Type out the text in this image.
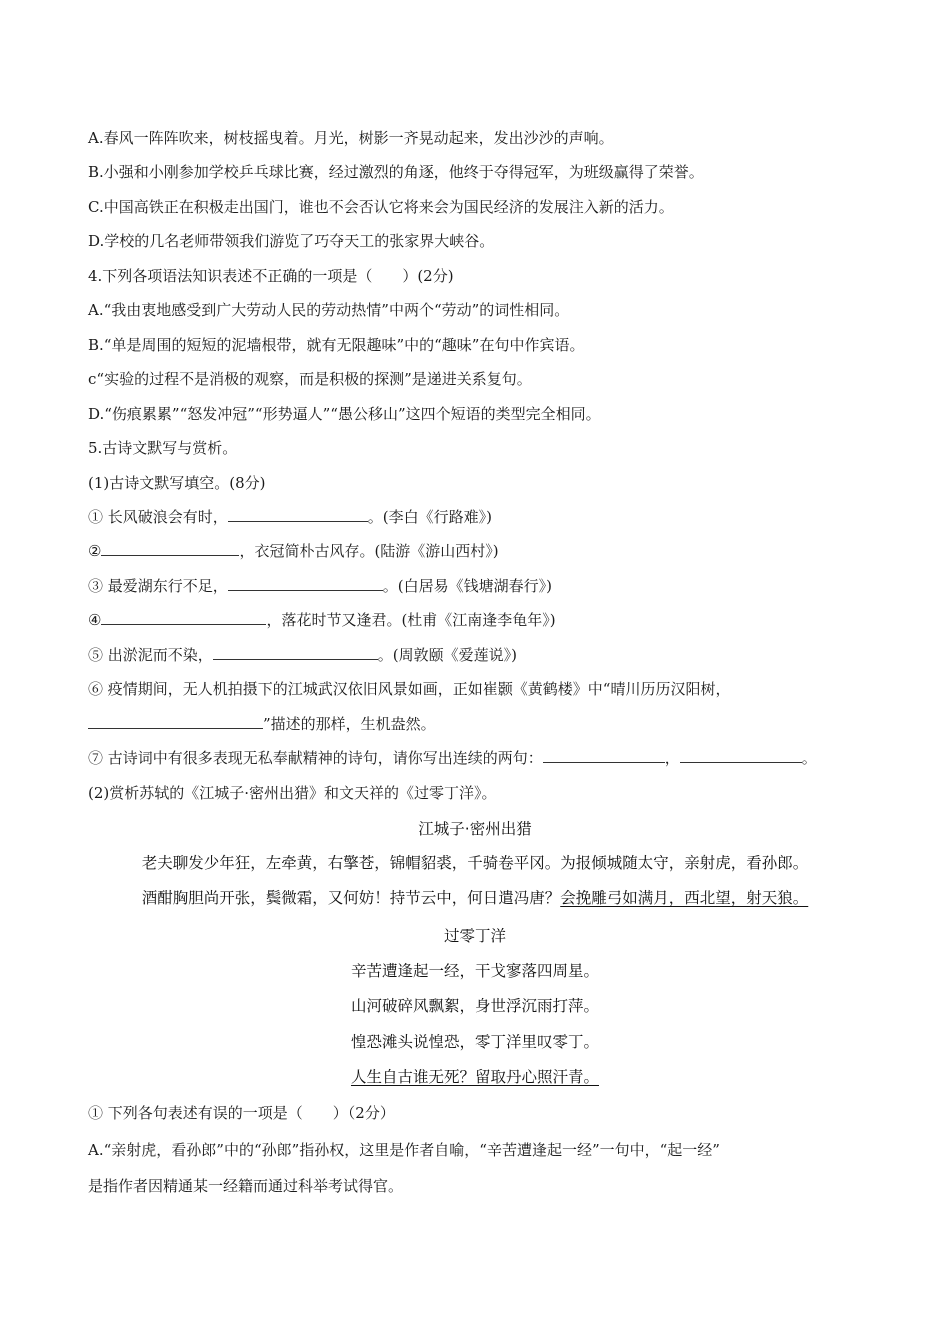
A.春风一阵阵吹来，树枝摇曳着。月光，树影一齐晃动起来，发出沙沙的声响。
B.小强和小刚参加学校乒乓球比赛，经过激烈的角逐，他终于夺得冠军，为班级赢得了荣誉。
C.中国高铁正在积极走出国门，谁也不会否认它将来会为国民经济的发展注入新的活力。
D.学校的几名老师带领我们游览了巧夺天工的张家界大峡谷。
4.下列各项语法知识表述不正确的一项是（　　）(2分)
A.“我由衷地感受到广大劳动人民的劳动热情”中两个“劳动”的词性相同。
B.“单是周围的短短的泥墙根带，就有无限趣味”中的“趣味”在句中作宾语。
c“实验的过程不是消极的观察，而是积极的探测”是递进关系复句。
D.“伤痕累累”“怒发冲冠”“形势逼人”“愚公移山”这四个短语的类型完全相同。
5.古诗文默写与赏析。
(1)古诗文默写填空。(8分)
① 长风破浪会有时，	。(李白《行路难》)
②	，衣冠简朴古风存。(陆游《游山西村》)
③ 最爱湖东行不足，	。(白居易《钱塘湖春行》)
④	，落花时节又逢君。(杜甫《江南逢李龟年》)
⑤ 出淤泥而不染，	。(周敦颐《爱莲说》)
⑥ 疫情期间，无人机拍摄下的江城武汉依旧风景如画，正如崔颢《黄鹤楼》中“晴川历历汉阳树，
”描述的那样，生机盎然。
⑦ 古诗词中有很多表现无私奉献精神的诗句，请你写出连续的两句：	，	。
(2)赏析苏轼的《江城子·密州出猎》和文天祥的《过零丁洋》。
江城子·密州出猎
老夫聊发少年狂，左牵黄，右擎苍，锦帽貂裘，千骑卷平冈。为报倾城随太守，亲射虎，看孙郎。
酒酣胸胆尚开张，鬓微霜，又何妨！持节云中，何日遣冯唐？会挽雕弓如满月，西北望，射天狼。
过零丁洋
辛苦遭逢起一经，干戈寥落四周星。
山河破碎风飘絮，身世浮沉雨打萍。
惶恐滩头说惶恐，零丁洋里叹零丁。
人生自古谁无死？留取丹心照汗青。
① 下列各句表述有误的一项是（　　）（2分）
A.“亲射虎，看孙郎”中的“孙郎”指孙权，这里是作者自喻，“辛苦遭逢起一经”一句中，“起一经”
是指作者因精通某一经籍而通过科举考试得官。
